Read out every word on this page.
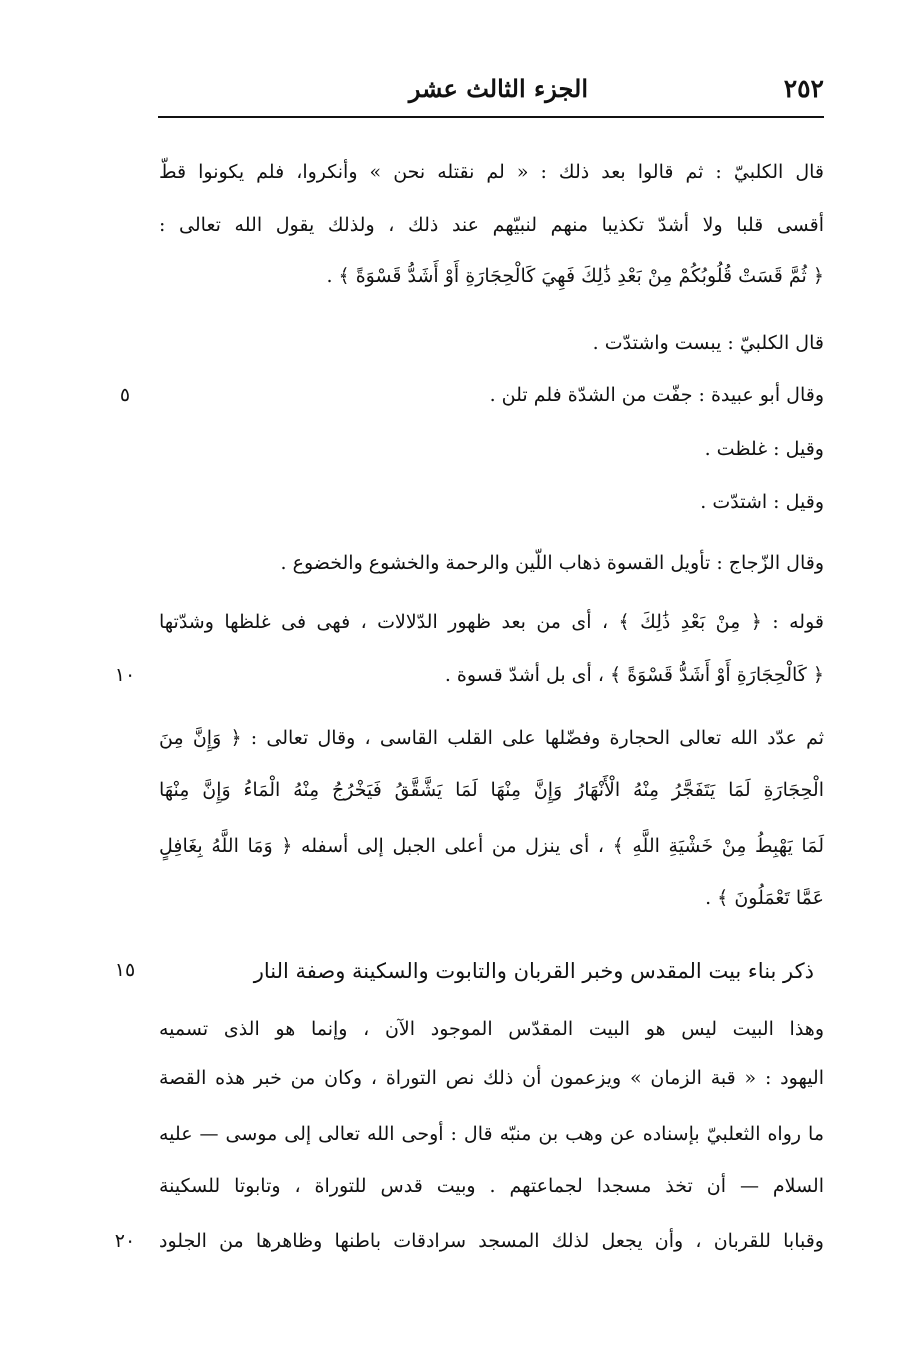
٢٥٢
الجزء الثالث عشر
قال الكلبيّ : ثم قالوا بعد ذلك : « لم نقتله نحن » وأنكروا، فلم يكونوا قطّ
أقسى قلبا ولا أشدّ تكذيبا منهم لنبيّهم عند ذلك ، ولذلك يقول الله تعالى :
﴿ ثُمَّ قَسَتْ قُلُوبُكُمْ مِنْ بَعْدِ ذَٰلِكَ فَهِيَ كَالْحِجَارَةِ أَوْ أَشَدُّ قَسْوَةً ﴾ .
قال الكلبيّ : يبست واشتدّت .
وقال أبو عبيدة : جفّت من الشدّة فلم تلن .
وقيل : غلظت .
وقيل : اشتدّت .
وقال الزّجاج : تأويل القسوة ذهاب اللّين والرحمة والخشوع والخضوع .
قوله : ﴿ مِنْ بَعْدِ ذَٰلِكَ ﴾ ، أى من بعد ظهور الدّلالات ، فهى فى غلظها وشدّتها
﴿ كَالْحِجَارَةِ أَوْ أَشَدُّ قَسْوَةً ﴾ ، أى بل أشدّ قسوة .
ثم عدّد الله تعالى الحجارة وفضّلها على القلب القاسى ، وقال تعالى : ﴿ وَإِنَّ مِنَ
الْحِجَارَةِ لَمَا يَتَفَجَّرُ مِنْهُ الْأَنْهَارُ وَإِنَّ مِنْهَا لَمَا يَشَّقَّقُ فَيَخْرُجُ مِنْهُ الْمَاءُ وَإِنَّ مِنْهَا
لَمَا يَهْبِطُ مِنْ خَشْيَةِ اللَّهِ ﴾ ، أى ينزل من أعلى الجبل إلى أسفله ﴿ وَمَا اللَّهُ بِغَافِلٍ
عَمَّا تَعْمَلُونَ ﴾ .
ذكر بناء بيت المقدس وخبر القربان والتابوت والسكينة وصفة النار
وهذا البيت ليس هو البيت المقدّس الموجود الآن ، وإنما هو الذى تسميه
اليهود : « قبة الزمان » ويزعمون أن ذلك نص التوراة ، وكان من خبر هذه القصة
ما رواه الثعلبيّ بإسناده عن وهب بن منبّه قال : أوحى الله تعالى إلى موسى — عليه
السلام — أن تخذ مسجدا لجماعتهم . وبيت قدس للتوراة ، وتابوتا للسكينة
وقبابا للقربان ، وأن يجعل لذلك المسجد سرادقات باطنها وظاهرها من الجلود
٥
١٠
١٥
٢٠
